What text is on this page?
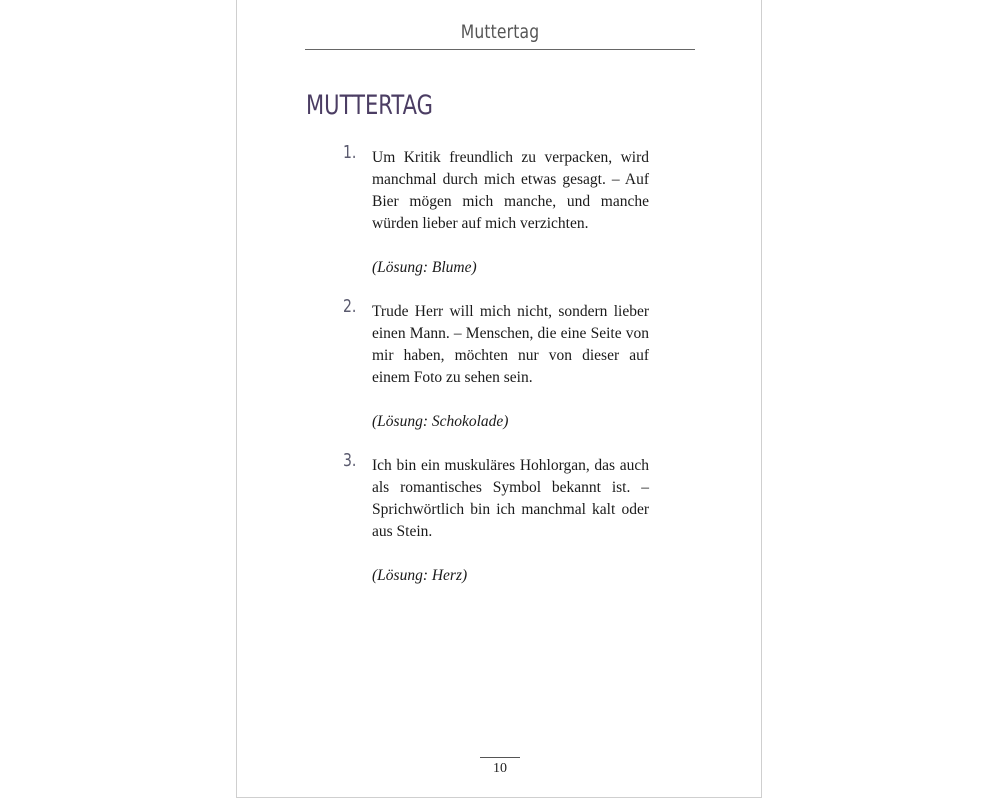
Muttertag
MUTTERTAG
1. Um Kritik freundlich zu verpacken, wird manchmal durch mich etwas gesagt. – Auf Bier mögen mich manche, und manche würden lieber auf mich verzichten.

(Lösung: Blume)

2. Trude Herr will mich nicht, sondern lieber einen Mann. – Menschen, die eine Seite von mir haben, möchten nur von dieser auf einem Foto zu sehen sein.

(Lösung: Schokolade)

3. Ich bin ein muskuläres Hohlorgan, das auch als romantisches Symbol bekannt ist. – Sprichwörtlich bin ich manchmal kalt oder aus Stein.

(Lösung: Herz)

10
